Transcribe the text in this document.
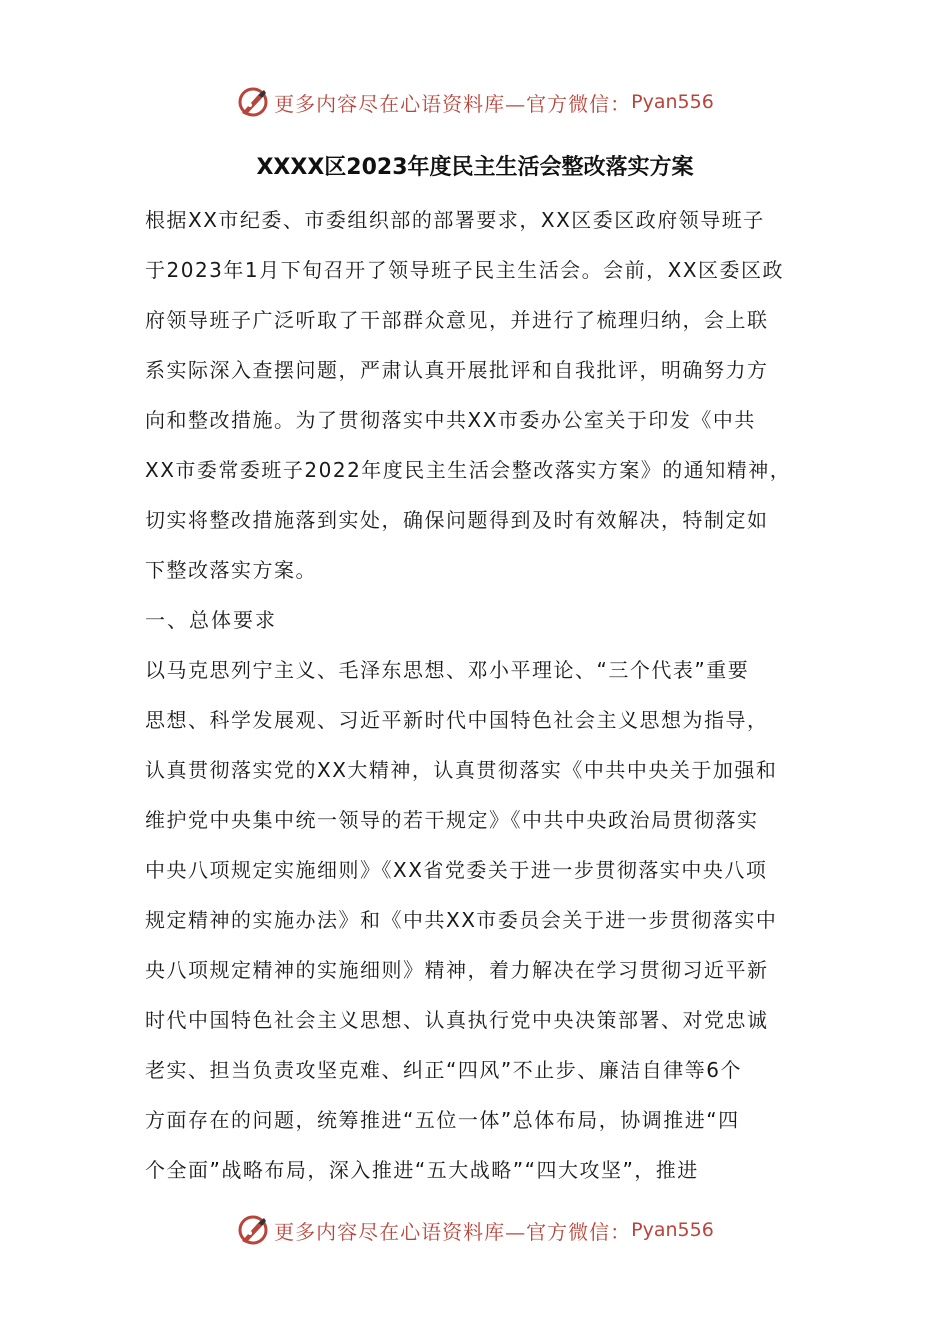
更多内容尽在心语资料库—官方微信： Pyan556
XXXX区2023年度民主生活会整改落实方案
根据XX市纪委、市委组织部的部署要求，XX区委区政府领导班子
于2023年1月下旬召开了领导班子民主生活会。会前，XX区委区政
府领导班子广泛听取了干部群众意见，并进行了梳理归纳，会上联
系实际深入查摆问题，严肃认真开展批评和自我批评，明确努力方
向和整改措施。为了贯彻落实中共XX市委办公室关于印发《中共
XX市委常委班子2022年度民主生活会整改落实方案》的通知精神，
切实将整改措施落到实处，确保问题得到及时有效解决，特制定如
下整改落实方案。
一、总体要求
以马克思列宁主义、毛泽东思想、邓小平理论、“三个代表”重要
思想、科学发展观、习近平新时代中国特色社会主义思想为指导，
认真贯彻落实党的XX大精神，认真贯彻落实《中共中央关于加强和
维护党中央集中统一领导的若干规定》《中共中央政治局贯彻落实
中央八项规定实施细则》《XX省党委关于进一步贯彻落实中央八项
规定精神的实施办法》和《中共XX市委员会关于进一步贯彻落实中
央八项规定精神的实施细则》精神，着力解决在学习贯彻习近平新
时代中国特色社会主义思想、认真执行党中央决策部署、对党忠诚
老实、担当负责攻坚克难、纠正“四风”不止步、廉洁自律等6个
方面存在的问题，统筹推进“五位一体”总体布局，协调推进“四
个全面”战略布局，深入推进“五大战略”“四大攻坚”，推进
更多内容尽在心语资料库—官方微信： Pyan556
